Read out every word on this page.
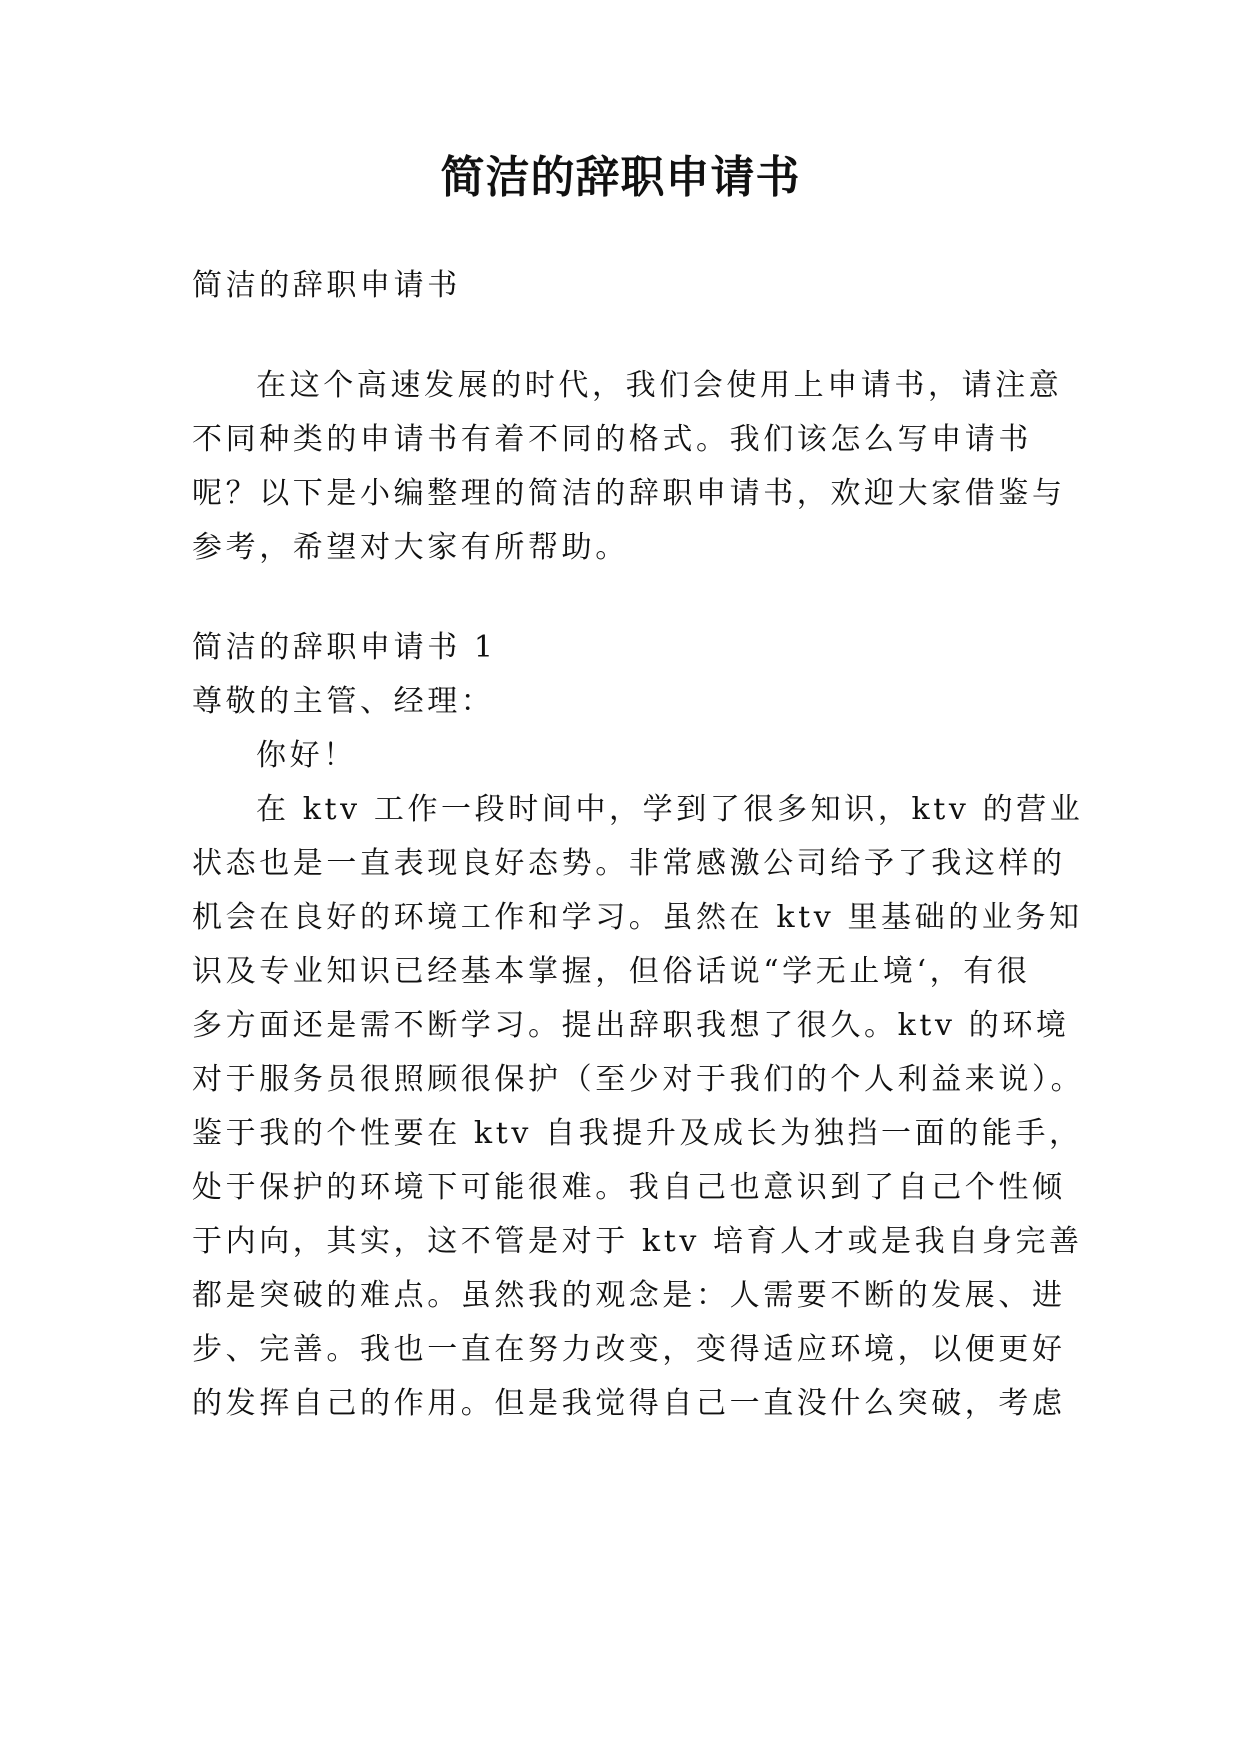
简洁的辞职申请书
简洁的辞职申请书
在这个高速发展的时代，我们会使用上申请书，请注意
不同种类的申请书有着不同的格式。我们该怎么写申请书
呢？以下是小编整理的简洁的辞职申请书，欢迎大家借鉴与
参考，希望对大家有所帮助。
简洁的辞职申请书 1
尊敬的主管、经理：
你好！
在 ktv 工作一段时间中，学到了很多知识，ktv 的营业
状态也是一直表现良好态势。非常感激公司给予了我这样的
机会在良好的环境工作和学习。虽然在 ktv 里基础的业务知
识及专业知识已经基本掌握，但俗话说“学无止境‘，有很
多方面还是需不断学习。提出辞职我想了很久。ktv 的环境
对于服务员很照顾很保护（至少对于我们的个人利益来说）。
鉴于我的个性要在 ktv 自我提升及成长为独挡一面的能手，
处于保护的环境下可能很难。我自己也意识到了自己个性倾
于内向，其实，这不管是对于 ktv 培育人才或是我自身完善
都是突破的难点。虽然我的观念是：人需要不断的发展、进
步、完善。我也一直在努力改变，变得适应环境，以便更好
的发挥自己的作用。但是我觉得自己一直没什么突破，考虑
